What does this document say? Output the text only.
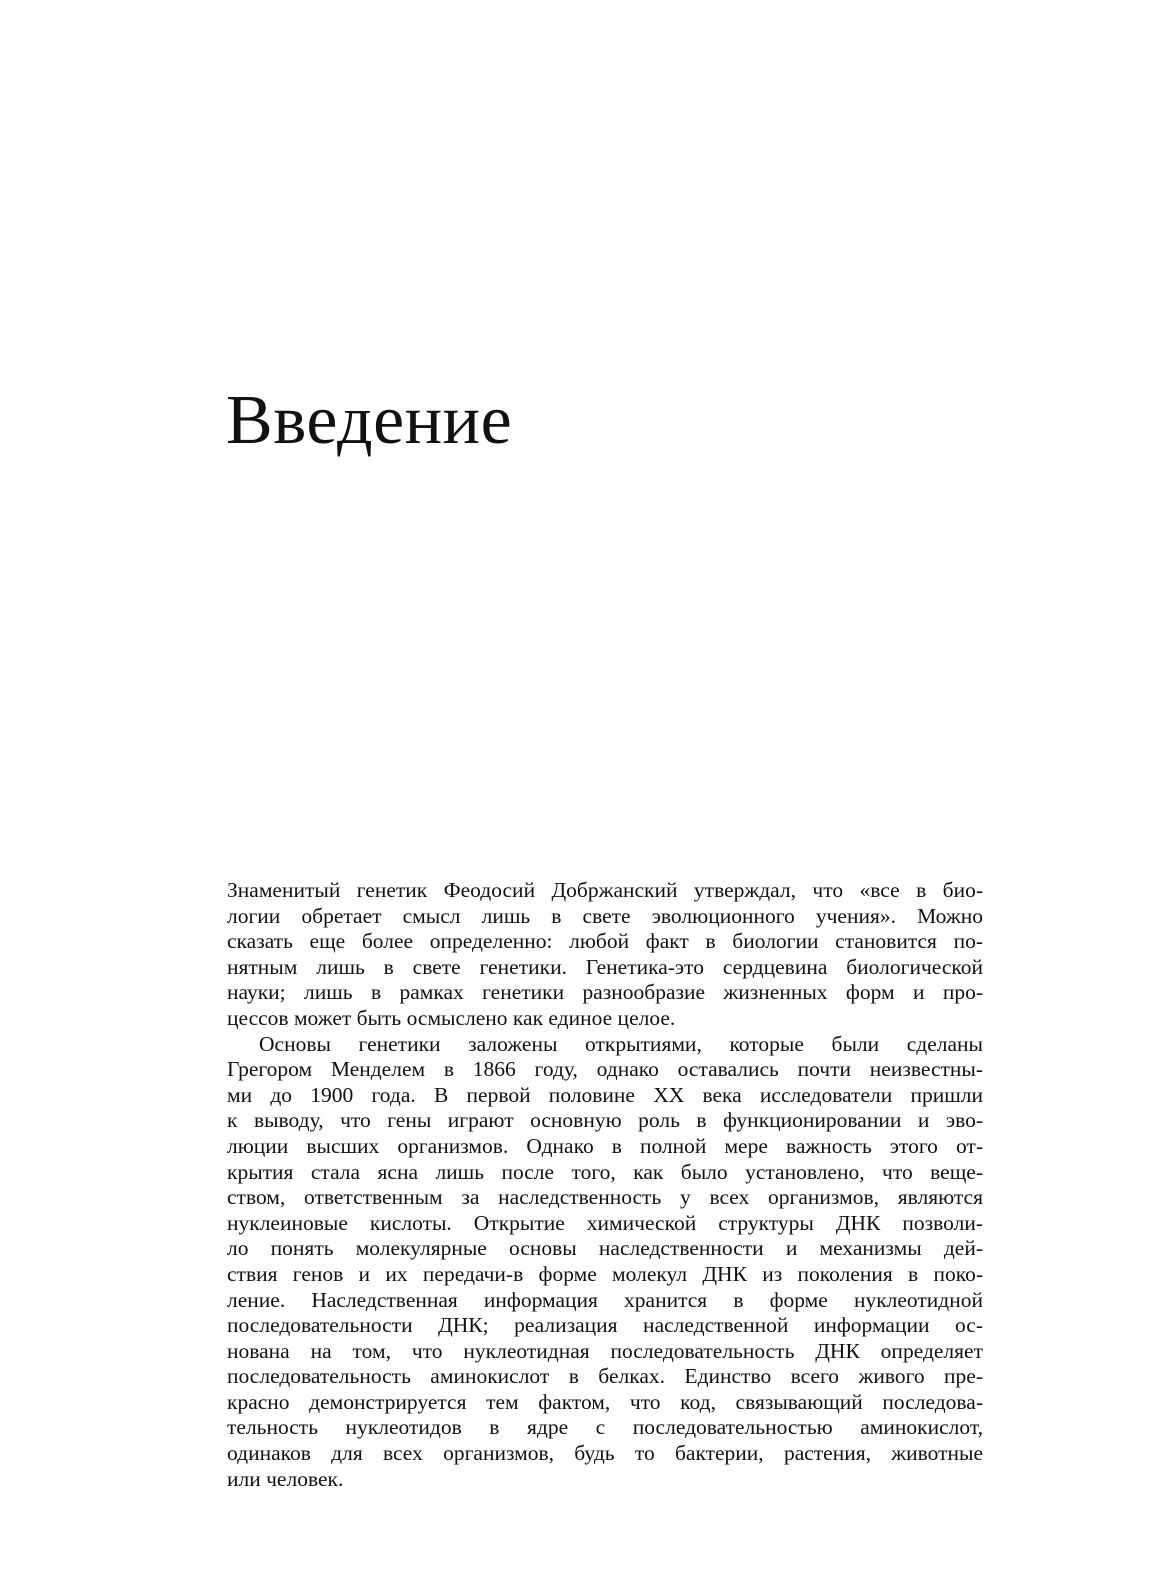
Введение

Знаменитый генетик Феодосий Добржанский утверждал, что «все в био-
логии обретает смысл лишь в свете эволюционного учения». Можно
сказать еще более определенно: любой факт в биологии становится по-
нятным лишь в свете генетики. Генетика-это сердцевина биологической
науки; лишь в рамках генетики разнообразие жизненных форм и про-
цессов может быть осмыслено как единое целое.

Основы генетики заложены открытиями, которые были сделаны
Грегором Менделем в 1866 году, однако оставались почти неизвестны-
ми до 1900 года. В первой половине XX века исследователи пришли
к выводу, что гены играют основную роль в функционировании и эво-
люции высших организмов. Однако в полной мере важность этого от-
крытия стала ясна лишь после того, как было установлено, что веще-
ством, ответственным за наследственность у всех организмов, являются
нуклеиновые кислоты. Открытие химической структуры ДНК позволи-
ло понять молекулярные основы наследственности и механизмы дей-
ствия генов и их передачи-в форме молекул ДНК из поколения в поко-
ление. Наследственная информация хранится в форме нуклеотидной
последовательности ДНК; реализация наследственной информации ос-
нована на том, что нуклеотидная последовательность ДНК определяет
последовательность аминокислот в белках. Единство всего живого пре-
красно демонстрируется тем фактом, что код, связывающий последова-
тельность нуклеотидов в ядре с последовательностью аминокислот,
одинаков для всех организмов, будь то бактерии, растения, животные
или человек.
